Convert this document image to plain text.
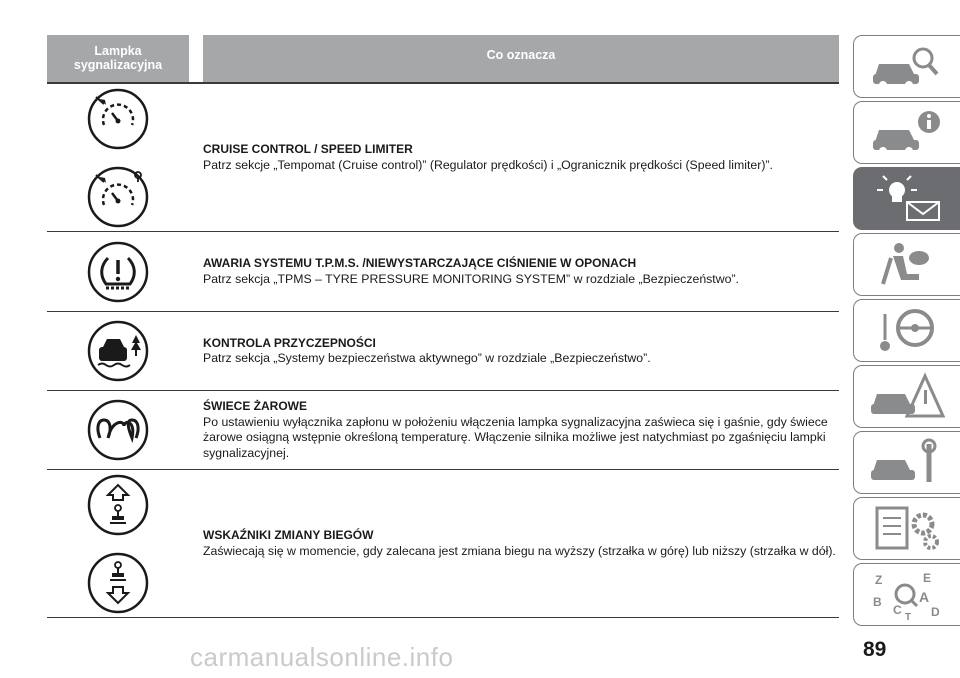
Lampka
sygnalizacyjna
Co oznacza
CRUISE CONTROL / SPEED LIMITER
Patrz sekcje „Tempomat (Cruise control)” (Regulator prędkości) i „Ogranicznik prędkości (Speed limiter)”.
AWARIA SYSTEMU T.P.M.S. /NIEWYSTARCZAJĄCE CIŚNIENIE W OPONACH
Patrz sekcja „TPMS – TYRE PRESSURE MONITORING SYSTEM” w rozdziale „Bezpieczeństwo”.
KONTROLA PRZYCZEPNOŚCI
Patrz sekcja „Systemy bezpieczeństwa aktywnego” w rozdziale „Bezpieczeństwo”.
ŚWIECE ŻAROWE
Po ustawieniu wyłącznika zapłonu w położeniu włączenia lampka sygnalizacyjna zaświeca się i gaśnie, gdy świece żarowe osiągną wstępnie określoną temperaturę. Włączenie silnika możliwe jest natychmiast po zgaśnięciu lampki sygnalizacyjnej.
WSKAŹNIKI ZMIANY BIEGÓW
Zaświecają się w momencie, gdy zalecana jest zmiana biegu na wyższy (strzałka w górę) lub niższy (strzałka w dół).
Z	E
B	A
C D
T
carmanualsonline.info	89
